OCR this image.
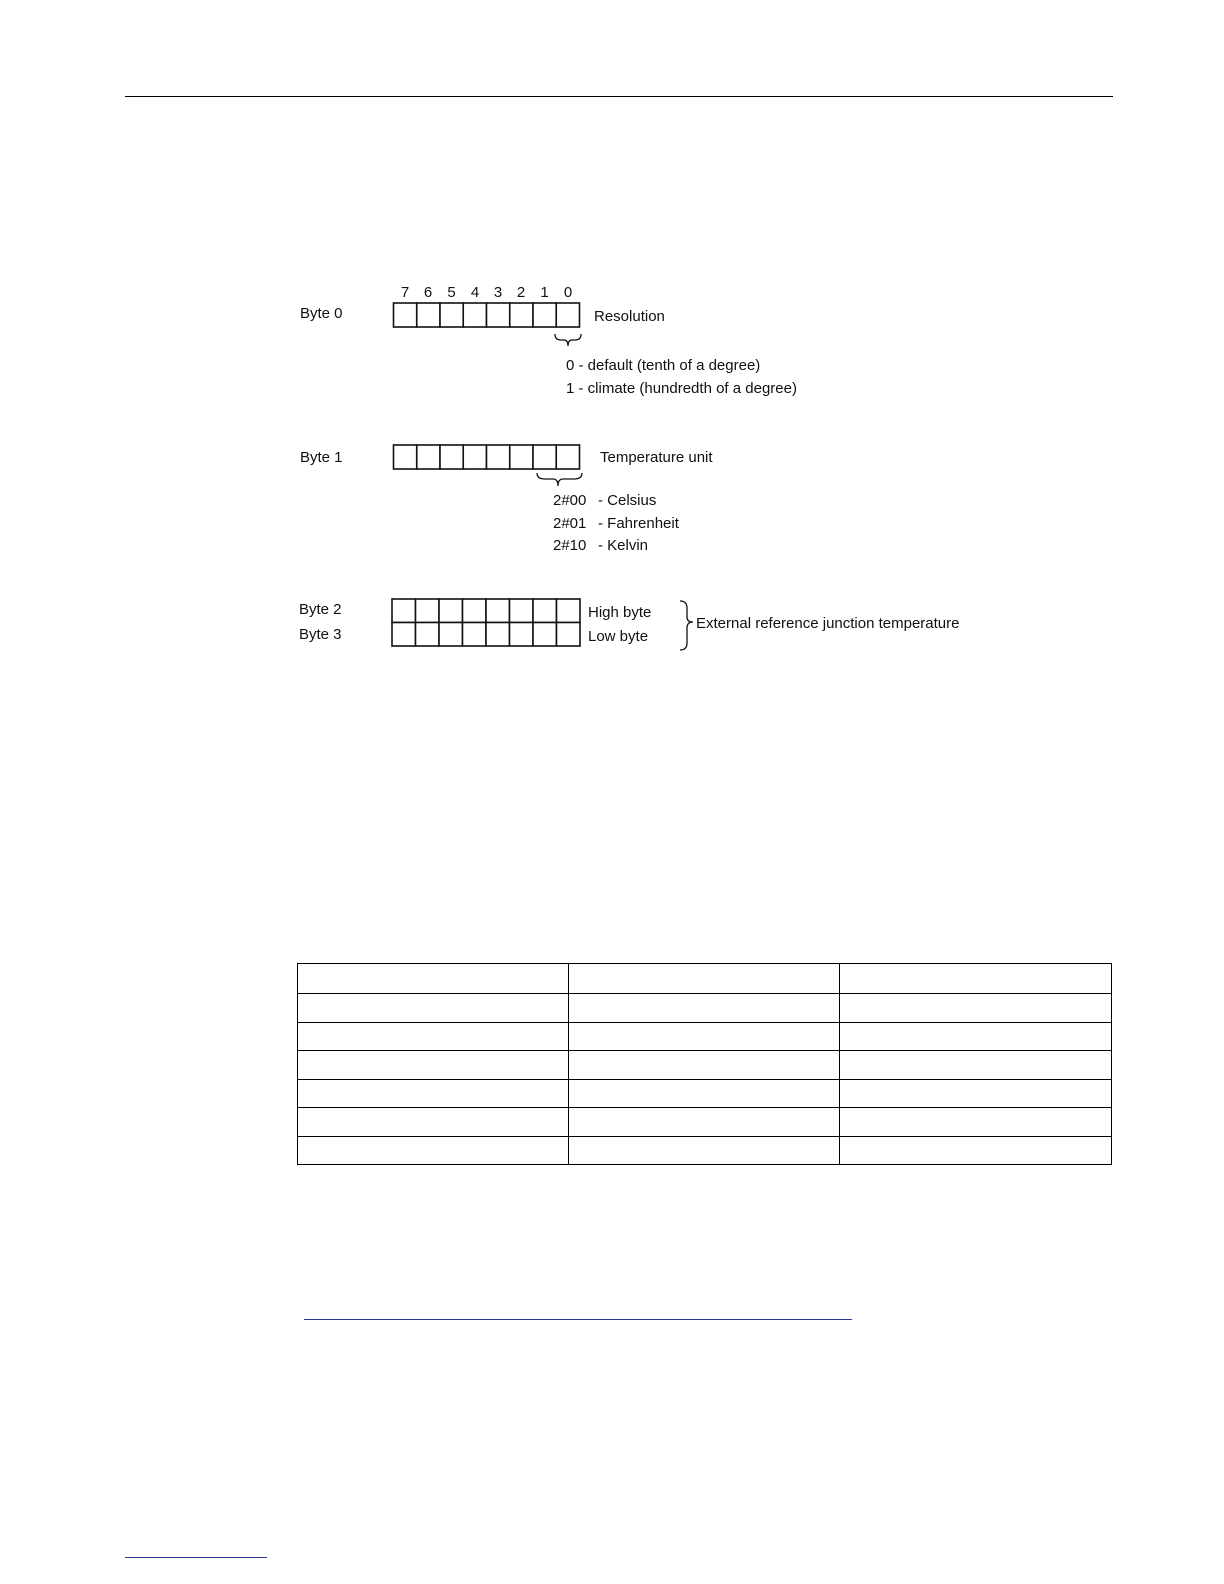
7 6 5 4 3 2 1 0
Byte 0	Resolution
0 - default (tenth of a degree)
1 - climate (hundredth of a degree)
Byte 1	Temperature unit
2#00 - Celsius
2#01 - Fahrenheit
2#10 - Kelvin
Byte 2
Byte 3
High byte
Low byte
External reference junction temperature
